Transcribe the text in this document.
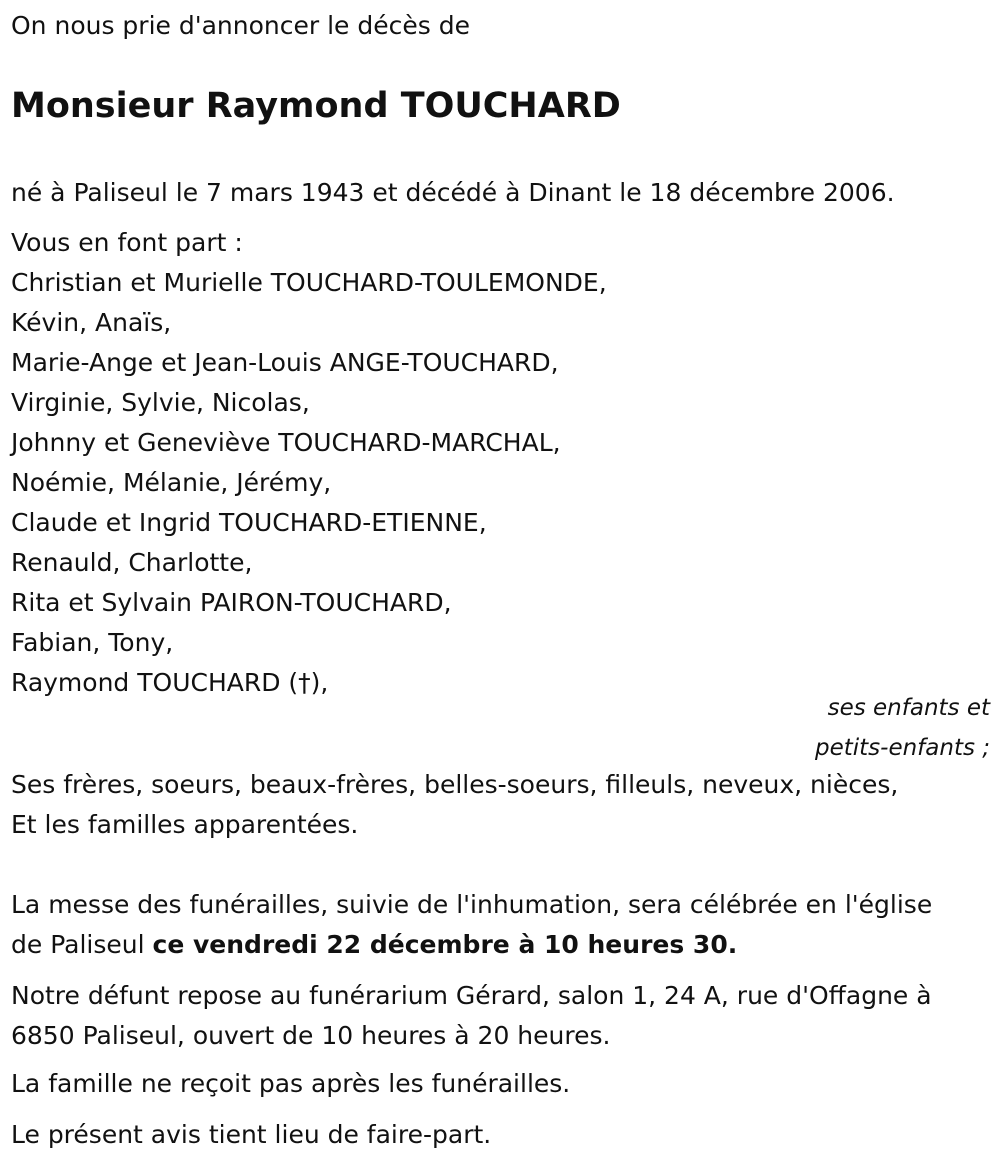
On nous prie d'annoncer le décès de
Monsieur Raymond TOUCHARD
né à Paliseul le 7 mars 1943 et décédé à Dinant le 18 décembre 2006.
Vous en font part :
Christian et Murielle TOUCHARD-TOULEMONDE,
Kévin, Anaïs,
Marie-Ange et Jean-Louis ANGE-TOUCHARD,
Virginie, Sylvie, Nicolas,
Johnny et Geneviève TOUCHARD-MARCHAL,
Noémie, Mélanie, Jérémy,
Claude et Ingrid TOUCHARD-ETIENNE,
Renauld, Charlotte,
Rita et Sylvain PAIRON-TOUCHARD,
Fabian, Tony,
Raymond TOUCHARD (†),
ses enfants et
petits-enfants ;
Ses frères, soeurs, beaux-frères, belles-soeurs, filleuls, neveux, nièces,
Et les familles apparentées.
La messe des funérailles, suivie de l'inhumation, sera célébrée en l'église
de Paliseul ce vendredi 22 décembre à 10 heures 30.
Notre défunt repose au funérarium Gérard, salon 1, 24 A, rue d'Offagne à
6850 Paliseul, ouvert de 10 heures à 20 heures.
La famille ne reçoit pas après les funérailles.
Le présent avis tient lieu de faire-part.
